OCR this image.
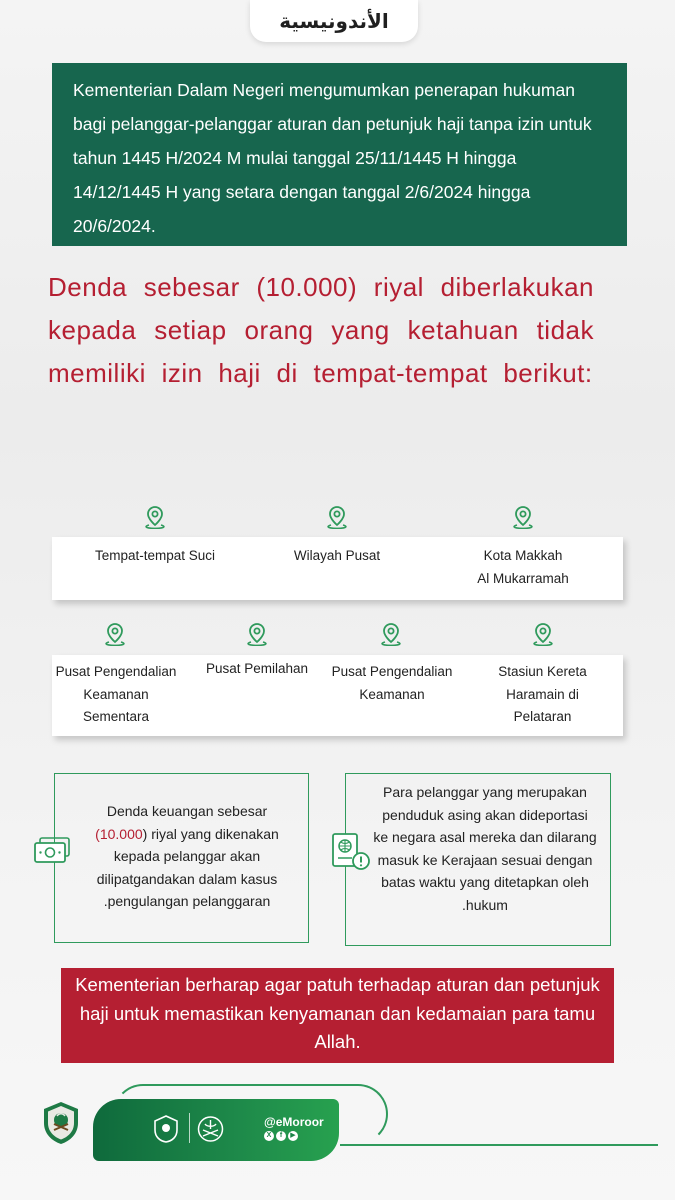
الأندونيسية
Kementerian Dalam Negeri mengumumkan penerapan hukuman bagi pelanggar-pelanggar aturan dan petunjuk haji tanpa izin untuk tahun 1445 H/2024 M mulai tanggal 25/11/1445 H hingga 14/12/1445 H yang setara dengan tanggal 2/6/2024 hingga 20/6/2024.
Denda sebesar (10.000) riyal diberlakukan kepada setiap orang yang ketahuan tidak memiliki izin haji di tempat-tempat berikut:
Tempat-tempat Suci	Wilayah Pusat	Kota Makkah
Al Mukarramah
Pusat Pengendalian
Keamanan
Sementara
Pusat Pemilahan	Pusat Pengendalian
Keamanan
Stasiun Kereta
Haramain di
Pelataran
Denda keuangan sebesar (10.000) riyal yang dikenakan kepada pelanggar akan dilipatgandakan dalam kasus .pengulangan pelanggaran
Para pelanggar yang merupakan penduduk asing akan dideportasi ke negara asal mereka dan dilarang masuk ke Kerajaan sesuai dengan batas waktu yang ditetapkan oleh .hukum
Kementerian berharap agar patuh terhadap aturan dan petunjuk haji untuk memastikan kenyamanan dan kedamaian para tamu Allah.
@eMoroor
X	f	▶
